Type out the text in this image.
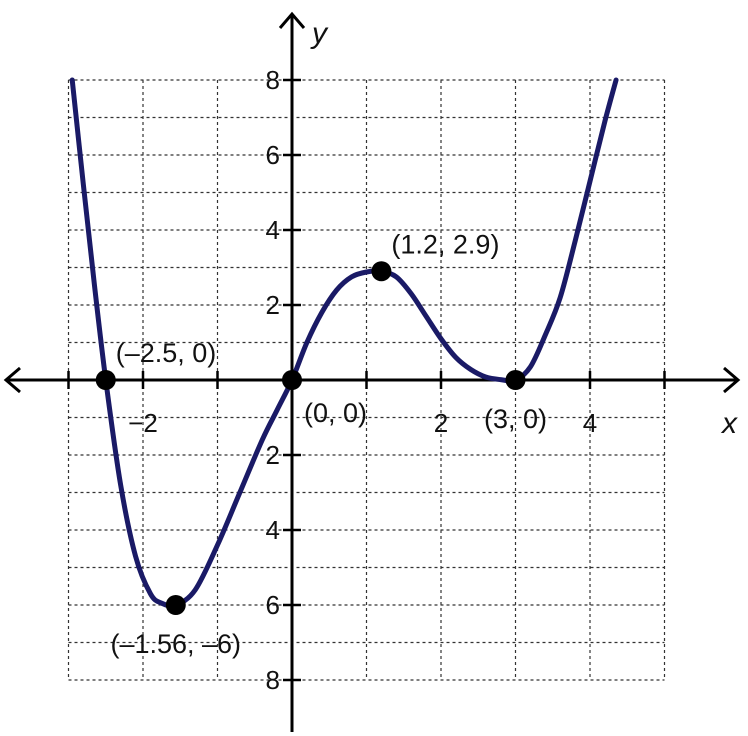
−2	2	4
8
6
4
2
2
4
6
8
(–2.5, 0)
(0, 0)
(1.2, 2.9)
(3, 0)
(–1.56, –6)
x
y
